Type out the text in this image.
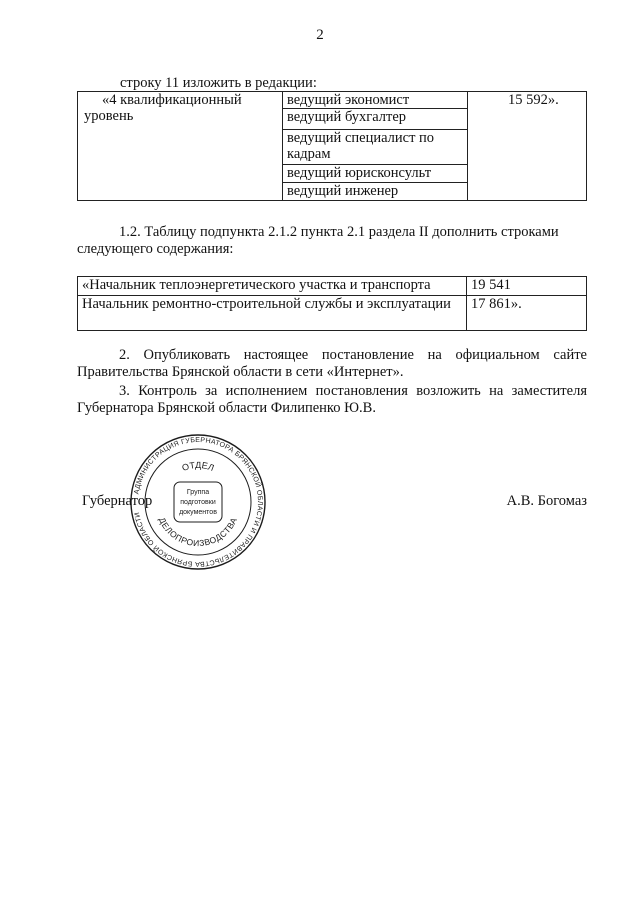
2
строку 11 изложить в редакции:
«4 квалификационный
уровень
	ведущий экономист	15 592».
ведущий бухгалтер
ведущий специалист по кадрам
ведущий юрисконсульт
ведущий инженер
1.2. Таблицу подпункта 2.1.2 пункта 2.1 раздела II дополнить строками
следующего содержания:
«Начальник теплоэнергетического участка и транспорта	19 541
Начальник ремонтно-строительной службы и эксплуатации	17 861».
2. Опубликовать настоящее постановление на официальном сайте Правительства Брянской области в сети «Интернет».
3. Контроль за исполнением постановления возложить на заместителя Губернатора Брянской области Филипенко Ю.В.
Губернатор	А.В. Богомаз
АДМИНИСТРАЦИЯ ГУБЕРНАТОРА БРЯНСКОЙ ОБЛАСТИ И ПРАВИТЕЛЬСТВА БРЯНСКОЙ ОБЛАСТИ
ОТДЕЛ
ДЕЛОПРОИЗВОДСТВА
Группа
подготовки
документов
